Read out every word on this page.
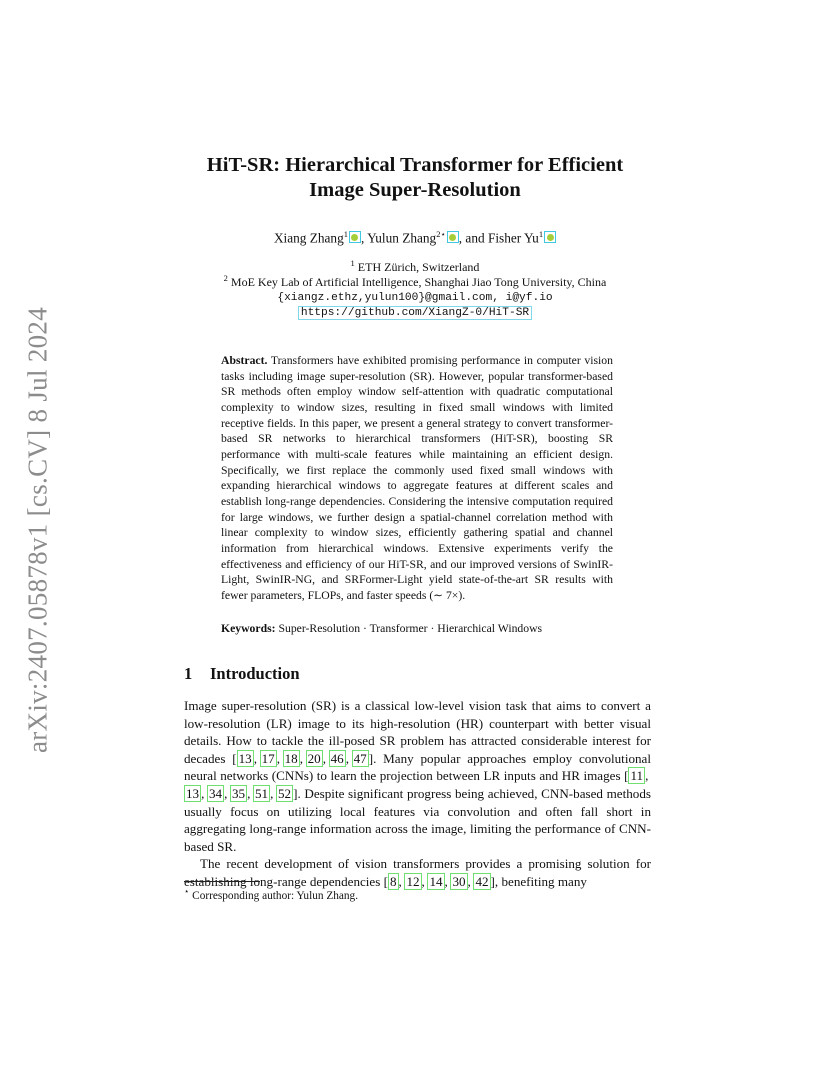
arXiv:2407.05878v1 [cs.CV] 8 Jul 2024
HiT-SR: Hierarchical Transformer for Efficient
Image Super-Resolution
Xiang Zhang$^1$ , Yulun Zhang$^{2⋆}$ , and Fisher Yu$^1$
$^1$ ETH Zürich, Switzerland
$^2$ MoE Key Lab of Artificial Intelligence, Shanghai Jiao Tong University, China
{xiangz.ethz,yulun100}@gmail.com, i@yf.io
https://github.com/XiangZ-0/HiT-SR
Abstract. Transformers have exhibited promising performance in computer vision tasks including image super-resolution (SR). However, popular transformer-based SR methods often employ window self-attention with quadratic computational complexity to window sizes, resulting in fixed small windows with limited receptive fields. In this paper, we present a general strategy to convert transformer-based SR networks to hierarchical transformers (HiT-SR), boosting SR performance with multi-scale features while maintaining an efficient design. Specifically, we first replace the commonly used fixed small windows with expanding hierarchical windows to aggregate features at different scales and establish long-range dependencies. Considering the intensive computation required for large windows, we further design a spatial-channel correlation method with linear complexity to window sizes, efficiently gathering spatial and channel information from hierarchical windows. Extensive experiments verify the effectiveness and efficiency of our HiT-SR, and our improved versions of SwinIR-Light, SwinIR-NG, and SRFormer-Light yield state-of-the-art SR results with fewer parameters, FLOPs, and faster speeds (∼ 7×).
Keywords: Super-Resolution · Transformer · Hierarchical Windows
1 Introduction

Image super-resolution (SR) is a classical low-level vision task that aims to convert a low-resolution (LR) image to its high-resolution (HR) counterpart with better visual details. How to tackle the ill-posed SR problem has attracted considerable interest for decades [ 13 , 17 , 18 , 20 , 46 , 47 ]. Many popular approaches employ convolutional neural networks (CNNs) to learn the projection between LR inputs and HR images [ 11 , 13 , 34 , 35 , 51 , 52 ]. Despite significant progress being achieved, CNN-based methods usually focus on utilizing local features via convolution and often fall short in aggregating long-range information across the image, limiting the performance of CNN-based SR.

The recent development of vision transformers provides a promising solution for establishing long-range dependencies [ 8 , 12 , 14 , 30 , 42 ], benefiting many

⋆ Corresponding author: Yulun Zhang.
